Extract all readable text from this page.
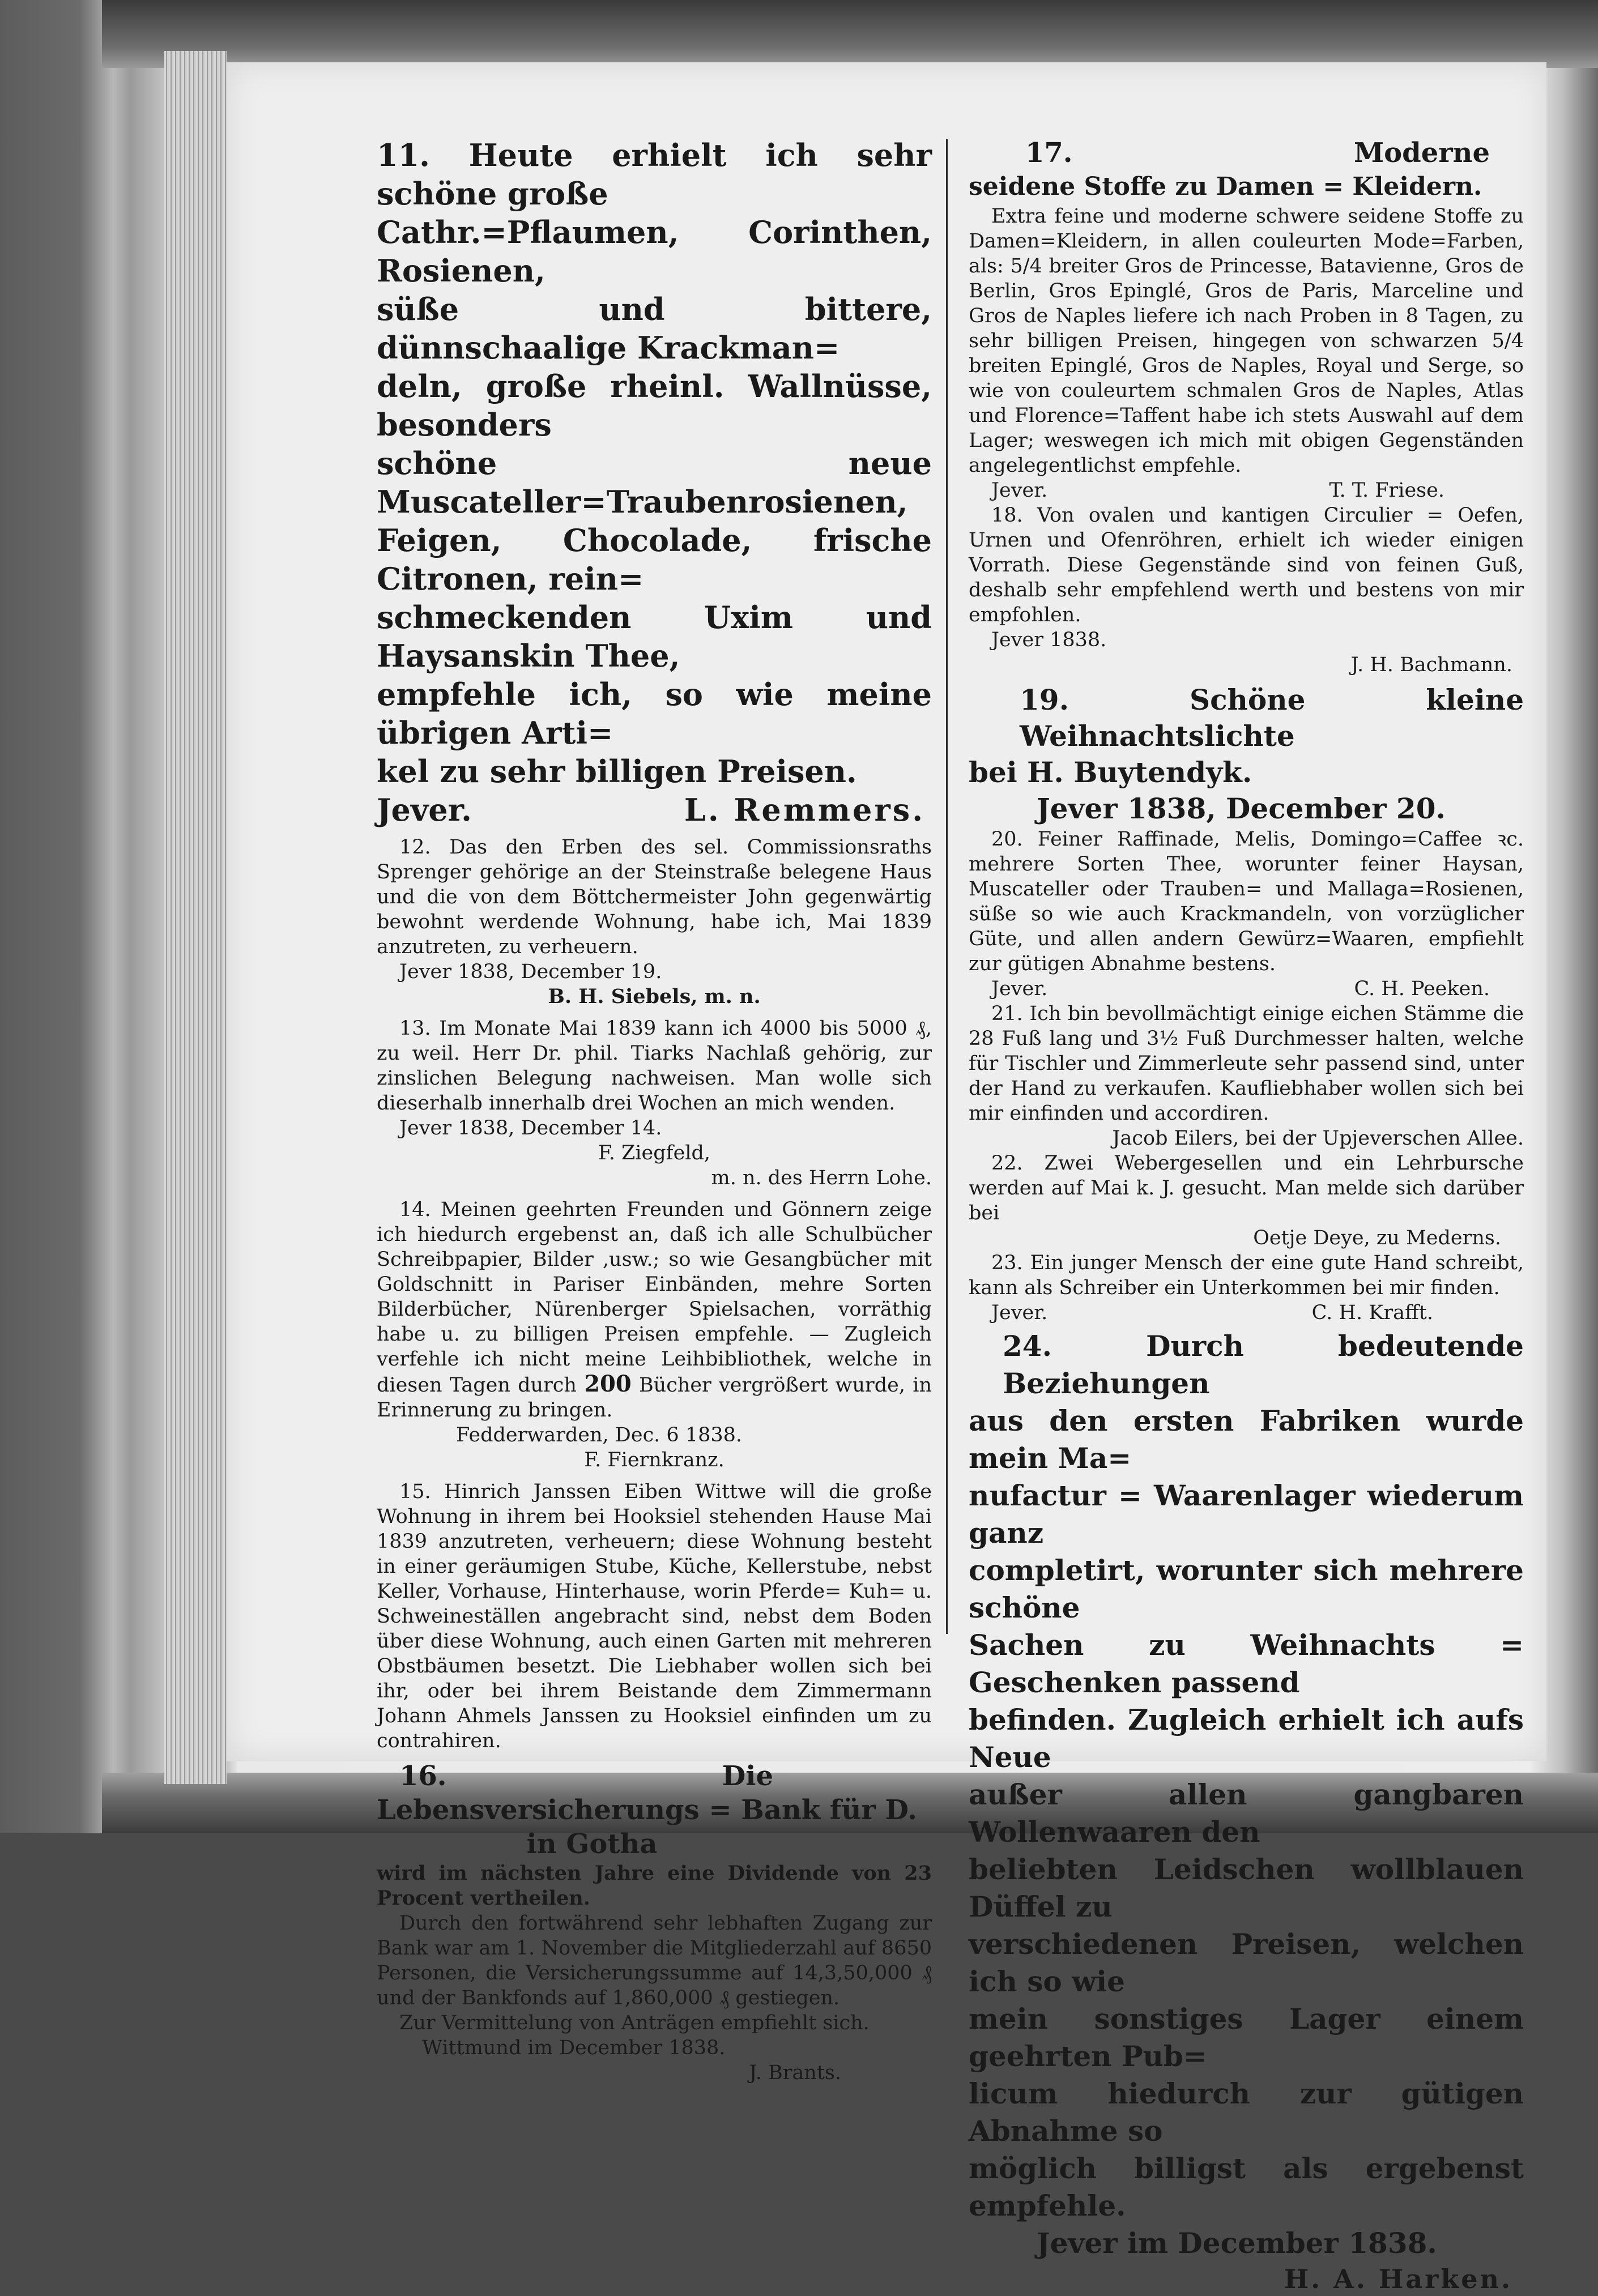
11. Heute erhielt ich sehr schöne große

Cathr.=Pflaumen, Corinthen, Rosienen,

süße und bittere, dünnschaalige Krackman=

deln, große rheinl. Wallnüsse, besonders

schöne neue Muscateller=Traubenrosienen,

Feigen, Chocolade, frische Citronen, rein=

schmeckenden Uxim und Haysanskin Thee,

empfehle ich, so wie meine übrigen Arti=

kel zu sehr billigen Preisen.

Jever.	L. Remmers.

12. Das den Erben des sel. Commissionsraths Sprenger gehörige an der Steinstraße belegene Haus und die von dem Böttchermeister John gegenwärtig bewohnt werdende Wohnung, habe ich, Mai 1839 anzutreten, zu verheuern.

Jever 1838, December 19.

B. H. Siebels, m. n.

13. Im Monate Mai 1839 kann ich 4000 bis 5000 ₰, zu weil. Herr Dr. phil. Tiarks Nachlaß gehörig, zur zinslichen Belegung nachweisen. Man wolle sich dieserhalb innerhalb drei Wochen an mich wenden.

Jever 1838, December 14.

F. Ziegfeld,

m. n. des Herrn Lohe.

14. Meinen geehrten Freunden und Gönnern zeige ich hiedurch ergebenst an, daß ich alle Schulbücher Schreibpapier, Bilder ,usw.; so wie Gesangbücher mit Goldschnitt in Pariser Einbänden, mehre Sorten Bilderbücher, Nürenberger Spielsachen, vorräthig habe u. zu billigen Preisen empfehle. — Zugleich verfehle ich nicht meine Leihbibliothek, welche in diesen Tagen durch 200 Bücher vergrößert wurde, in Erinnerung zu bringen.

Fedderwarden, Dec. 6 1838.

F. Fiernkranz.

15. Hinrich Janssen Eiben Wittwe will die große Wohnung in ihrem bei Hooksiel stehenden Hause Mai 1839 anzutreten, verheuern; diese Wohnung besteht in einer geräumigen Stube, Küche, Kellerstube, nebst Keller, Vorhause, Hinterhause, worin Pferde= Kuh= u. Schweineställen angebracht sind, nebst dem Boden über diese Wohnung, auch einen Garten mit mehreren Obstbäumen besetzt. Die Liebhaber wollen sich bei ihr, oder bei ihrem Beistande dem Zimmermann Johann Ahmels Janssen zu Hooksiel einfinden um zu contrahiren.

16.	Die

Lebensversicherungs = Bank für D.

in Gotha

wird im nächsten Jahre eine Dividende von 23 Procent vertheilen.

Durch den fortwährend sehr lebhaften Zugang zur Bank war am 1. November die Mitgliederzahl auf 8650 Personen, die Versicherungssumme auf 14,3,50,000 ₰ und der Bankfonds auf 1,860,000 ₰ gestiegen.

Zur Vermittelung von Anträgen empfiehlt sich.

Wittmund im December 1838.

J. Brants.

17.	Moderne

seidene Stoffe zu Damen = Kleidern.

Extra feine und moderne schwere seidene Stoffe zu Damen=Kleidern, in allen couleurten Mode=Farben, als: 5/4 breiter Gros de Princesse, Batavienne, Gros de Berlin, Gros Epinglé, Gros de Paris, Marceline und Gros de Naples liefere ich nach Proben in 8 Tagen, zu sehr billigen Preisen, hingegen von schwarzen 5/4 breiten Epinglé, Gros de Naples, Royal und Serge, so wie von couleurtem schmalen Gros de Naples, Atlas und Florence=Taffent habe ich stets Auswahl auf dem Lager; weswegen ich mich mit obigen Gegenständen angelegentlichst empfehle.

Jever.	T. T. Friese.

18. Von ovalen und kantigen Circulier = Oefen, Urnen und Ofenröhren, erhielt ich wieder einigen Vorrath. Diese Gegenstände sind von feinen Guß, deshalb sehr empfehlend werth und bestens von mir empfohlen.

Jever 1838.

J. H. Bachmann.

19. Schöne kleine Weihnachtslichte

bei H. Buytendyk.

Jever 1838, December 20.

20. Feiner Raffinade, Melis, Domingo=Caffee ꝛc. mehrere Sorten Thee, worunter feiner Haysan, Muscateller oder Trauben= und Mallaga=Rosienen, süße so wie auch Krackmandeln, von vorzüglicher Güte, und allen andern Gewürz=Waaren, empfiehlt zur gütigen Abnahme bestens.

Jever.	C. H. Peeken.

21. Ich bin bevollmächtigt einige eichen Stämme die 28 Fuß lang und 3½ Fuß Durchmesser halten, welche für Tischler und Zimmerleute sehr passend sind, unter der Hand zu verkaufen. Kaufliebhaber wollen sich bei mir einfinden und accordiren.

Jacob Eilers, bei der Upjeverschen Allee.

22. Zwei Webergesellen und ein Lehrbursche werden auf Mai k. J. gesucht. Man melde sich darüber bei

Oetje Deye, zu Mederns.

23. Ein junger Mensch der eine gute Hand schreibt, kann als Schreiber ein Unterkommen bei mir finden.

Jever.	C. H. Krafft.

24. Durch bedeutende Beziehungen

aus den ersten Fabriken wurde mein Ma=

nufactur = Waarenlager wiederum ganz

completirt, worunter sich mehrere schöne

Sachen zu Weihnachts = Geschenken passend

befinden. Zugleich erhielt ich aufs Neue

außer allen gangbaren Wollenwaaren den

beliebten Leidschen wollblauen Düffel zu

verschiedenen Preisen, welchen ich so wie

mein sonstiges Lager einem geehrten Pub=

licum hiedurch zur gütigen Abnahme so

möglich billigst als ergebenst empfehle.

Jever im December 1838.

H. A. Harken.
